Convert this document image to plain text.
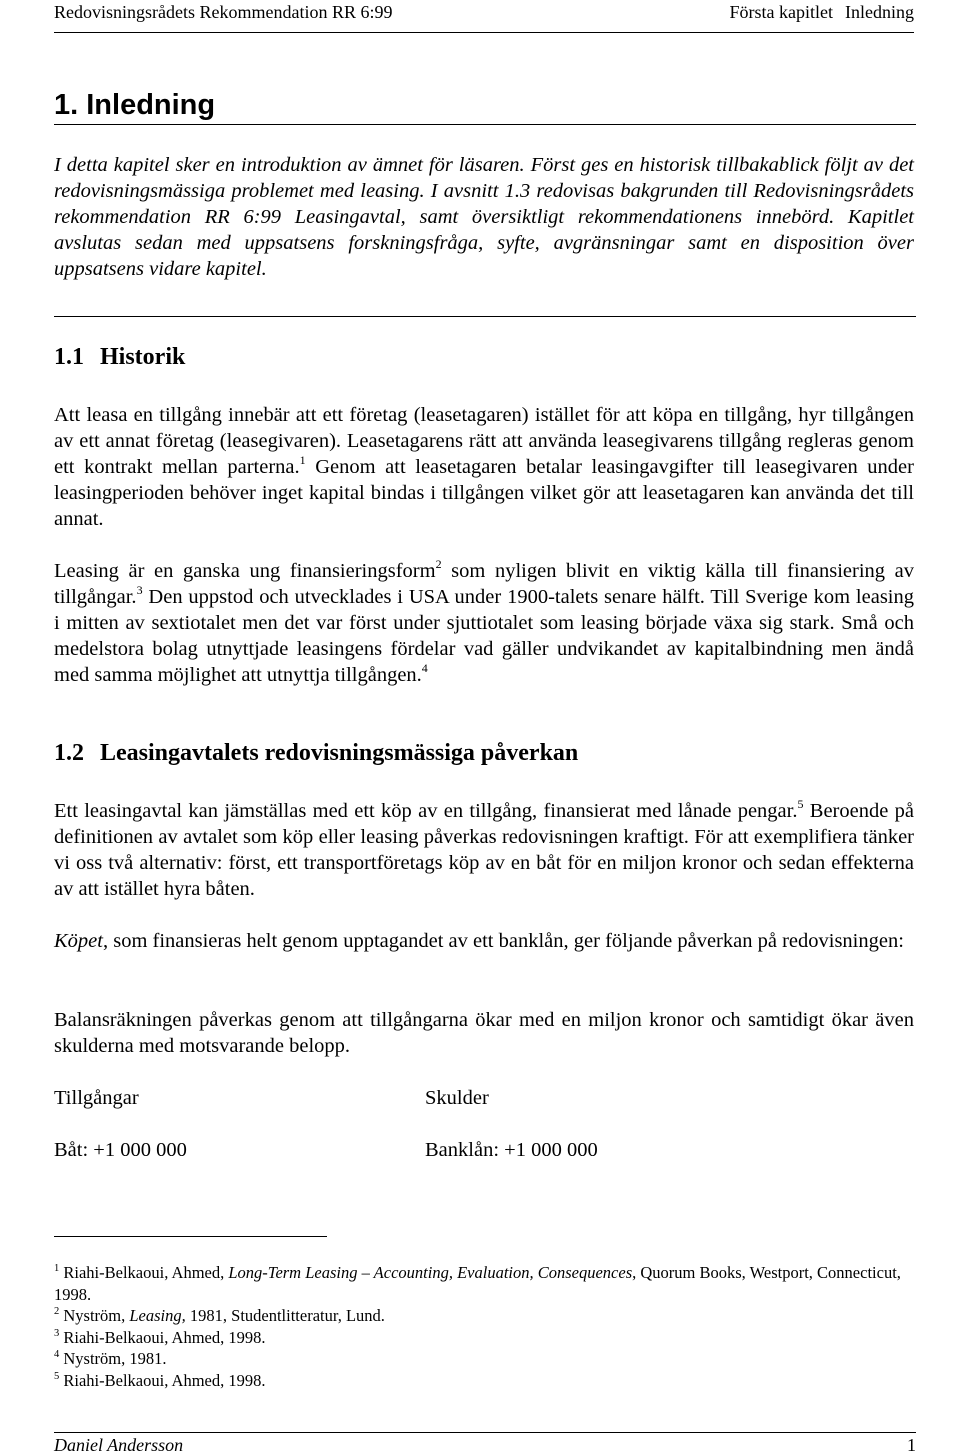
Redovisningsrådets Rekommendation RR 6:99	Första kapitlet Inledning
1. Inledning

I detta kapitel sker en introduktion av ämnet för läsaren. Först ges en historisk tillbakablick följt av det redovisningsmässiga problemet med leasing. I avsnitt 1.3 redovisas bakgrunden till Redovisningsrådets rekommendation RR 6:99 Leasingavtal, samt översiktligt rekommendationens innebörd. Kapitlet avslutas sedan med uppsatsens forskningsfråga, syfte, avgränsningar samt en disposition över uppsatsens vidare kapitel.

1.1 Historik

Att leasa en tillgång innebär att ett företag (leasetagaren) istället för att köpa en tillgång, hyr tillgången av ett annat företag (leasegivaren). Leasetagarens rätt att använda leasegivarens tillgång regleras genom ett kontrakt mellan parterna.$^1$ Genom att leasetagaren betalar leasingavgifter till leasegivaren under leasingperioden behöver inget kapital bindas i tillgången vilket gör att leasetagaren kan använda det till annat.

Leasing är en ganska ung finansieringsform$^2$ som nyligen blivit en viktig källa till finansiering av tillgångar.$^3$ Den uppstod och utvecklades i USA under 1900-talets senare hälft. Till Sverige kom leasing i mitten av sextiotalet men det var först under sjuttiotalet som leasing började växa sig stark. Små och medelstora bolag utnyttjade leasingens fördelar vad gäller undvikandet av kapitalbindning men ändå med samma möjlighet att utnyttja tillgången.$^4$

1.2 Leasingavtalets redovisningsmässiga påverkan

Ett leasingavtal kan jämställas med ett köp av en tillgång, finansierat med lånade pengar.$^5$ Beroende på definitionen av avtalet som köp eller leasing påverkas redovisningen kraftigt. För att exemplifiera tänker vi oss två alternativ: först, ett transportföretags köp av en båt för en miljon kronor och sedan effekterna av att istället hyra båten.

Köpet, som finansieras helt genom upptagandet av ett banklån, ger följande påverkan på redovisningen:

Balansräkningen påverkas genom att tillgångarna ökar med en miljon kronor och samtidigt ökar även skulderna med motsvarande belopp.

Tillgångar	Skulder
Båt: +1 000 000	Banklån: +1 000 000

$^1$ Riahi-Belkaoui, Ahmed, Long-Term Leasing – Accounting, Evaluation, Consequences, Quorum Books, Westport, Connecticut, 1998.

$^2$ Nyström, Leasing, 1981, Studentlitteratur, Lund.

$^3$ Riahi-Belkaoui, Ahmed, 1998.

$^4$ Nyström, 1981.

$^5$ Riahi-Belkaoui, Ahmed, 1998.

Daniel Andersson	1
